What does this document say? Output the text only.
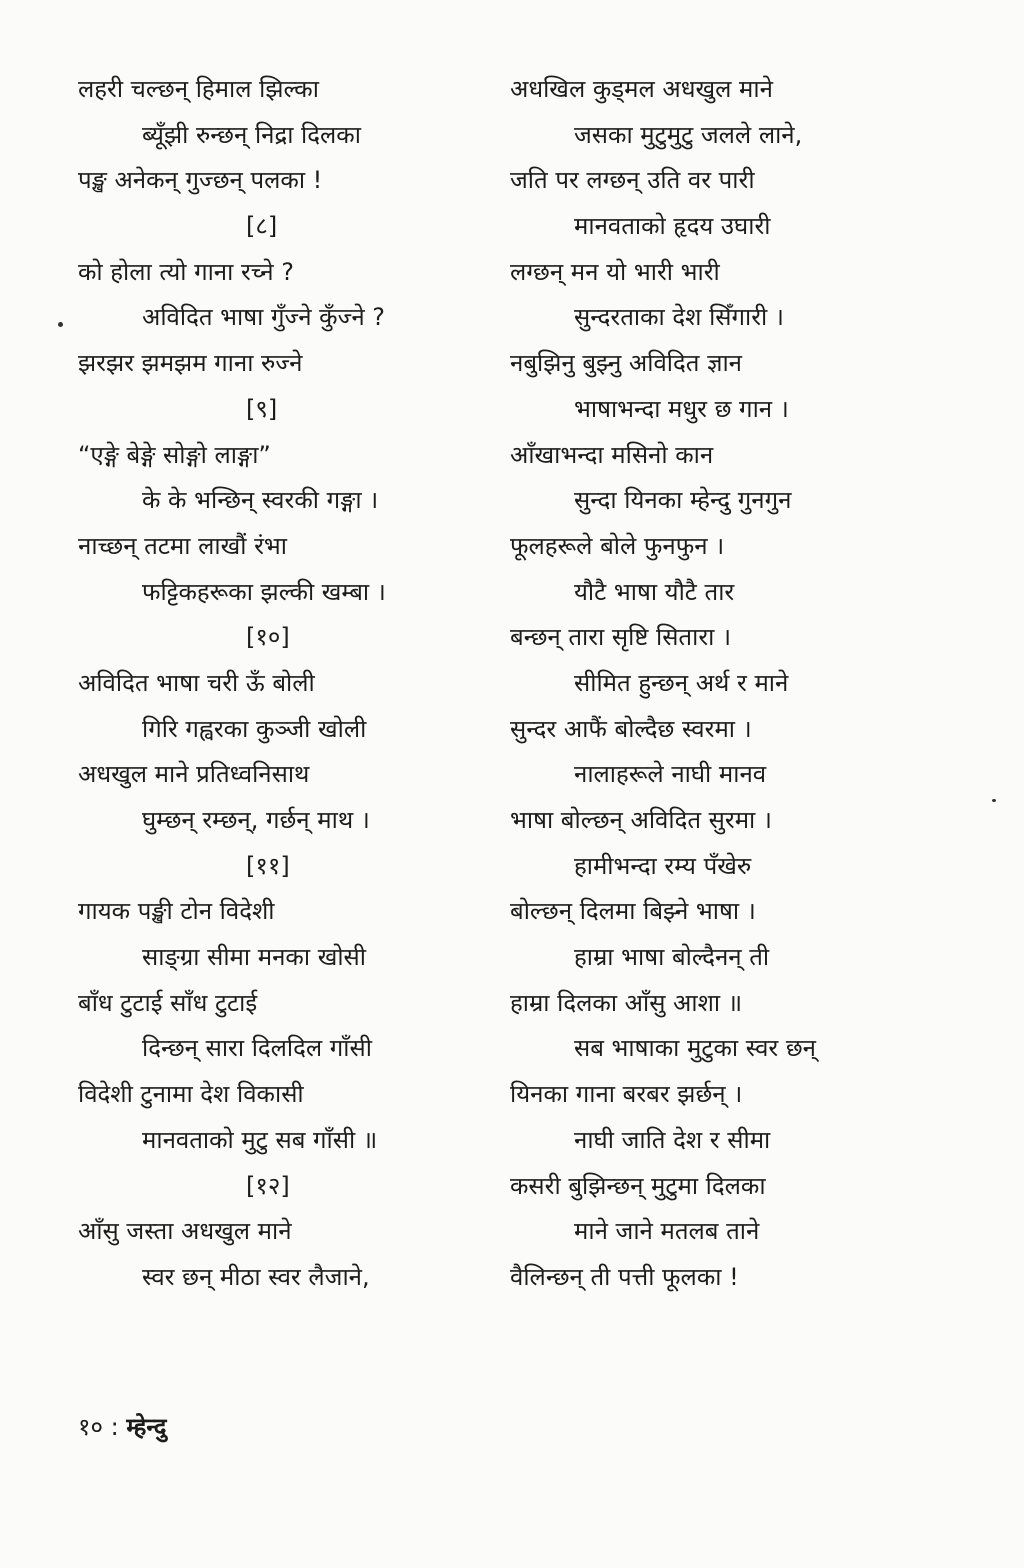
लहरी चल्छन् हिमाल झिल्का
ब्यूँझी रुन्छन् निद्रा दिलका
पङ्ख अनेकन् गुज्छन् पलका !
[८]
को होला त्यो गाना रच्ने ?
अविदित भाषा गुँज्ने कुँज्ने ?
झरझर झमझम गाना रुज्ने
[९]
“एङ्गे बेङ्गे सोङ्गो लाङ्गा”
के के भन्छिन् स्वरकी गङ्गा ।
नाच्छन् तटमा लाखौं रंभा
फट्टिकहरूका झल्की खम्बा ।
[१०]
अविदित भाषा चरी ऊँ बोली
गिरि गह्वरका कुञ्जी खोली
अधखुल माने प्रतिध्वनिसाथ
घुम्छन् रम्छन्, गर्छन् माथ ।
[११]
गायक पङ्खी टोन विदेशी
साङ्ग्रा सीमा मनका खोसी
बाँध टुटाई साँध टुटाई
दिन्छन् सारा दिलदिल गाँसी
विदेशी टुनामा देश विकासी
मानवताको मुटु सब गाँसी ॥
[१२]
आँसु जस्ता अधखुल माने
स्वर छन् मीठा स्वर लैजाने,
अधखिल कुड्मल अधखुल माने
जसका मुटुमुटु जलले लाने,
जति पर लग्छन् उति वर पारी
मानवताको हृदय उघारी
लग्छन् मन यो भारी भारी
सुन्दरताका देश सिँगारी ।
नबुझिनु बुझ्नु अविदित ज्ञान
भाषाभन्दा मधुर छ गान ।
आँखाभन्दा मसिनो कान
सुन्दा यिनका म्हेन्दु गुनगुन
फूलहरूले बोले फुनफुन ।
यौटै भाषा यौटै तार
बन्छन् तारा सृष्टि सितारा ।
सीमित हुन्छन् अर्थ र माने
सुन्दर आफैं बोल्दैछ स्वरमा ।
नालाहरूले नाघी मानव
भाषा बोल्छन् अविदित सुरमा ।
हामीभन्दा रम्य पँखेरु
बोल्छन् दिलमा बिझ्ने भाषा ।
हाम्रा भाषा बोल्दैनन् ती
हाम्रा दिलका आँसु आशा ॥
सब भाषाका मुटुका स्वर छन्
यिनका गाना बरबर झर्छन् ।
नाघी जाति देश र सीमा
कसरी बुझिन्छन् मुटुमा दिलका
माने जाने मतलब ताने
वैलिन्छन् ती पत्ती फूलका !
१० : म्हेन्दु
